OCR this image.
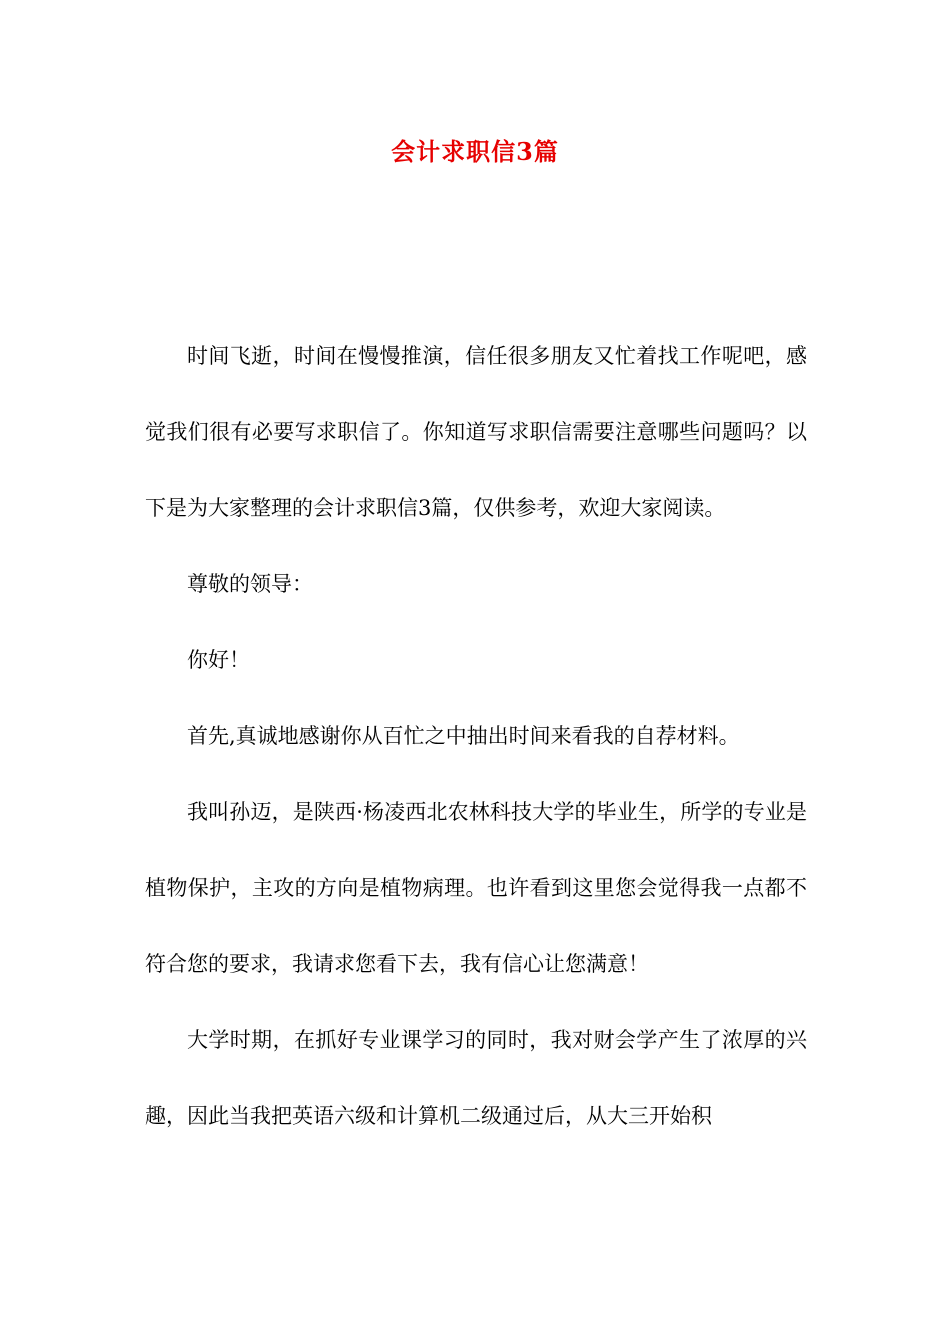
会计求职信3篇

时间飞逝，时间在慢慢推演，信任很多朋友又忙着找工作呢吧，感觉我们很有必要写求职信了。你知道写求职信需要注意哪些问题吗？以下是为大家整理的会计求职信3篇，仅供参考，欢迎大家阅读。

尊敬的领导：

你好！

首先,真诚地感谢你从百忙之中抽出时间来看我的自荐材料。

我叫孙迈，是陕西·杨凌西北农林科技大学的毕业生，所学的专业是植物保护，主攻的方向是植物病理。也许看到这里您会觉得我一点都不符合您的要求，我请求您看下去，我有信心让您满意！

大学时期，在抓好专业课学习的同时，我对财会学产生了浓厚的兴趣，因此当我把英语六级和计算机二级通过后，从大三开始积
